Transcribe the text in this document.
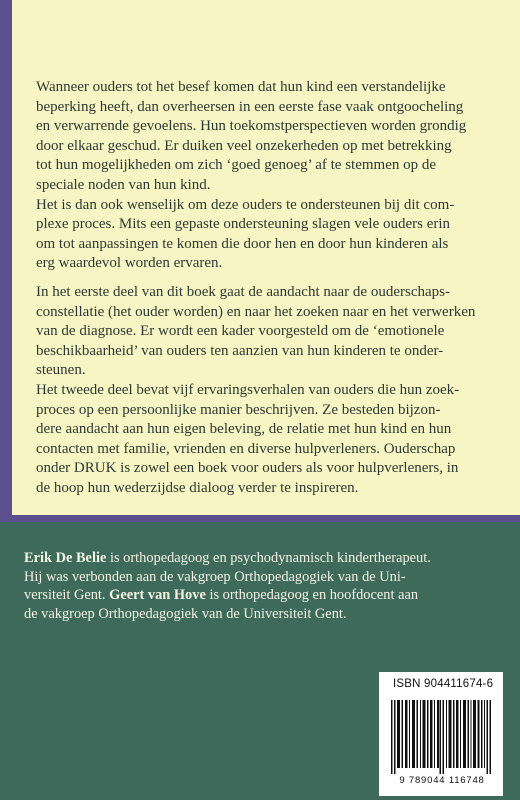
Wanneer ouders tot het besef komen dat hun kind een verstandelijke
beperking heeft, dan overheersen in een eerste fase vaak ontgoocheling
en verwarrende gevoelens. Hun toekomstperspectieven worden grondig
door elkaar geschud. Er duiken veel onzekerheden op met betrekking
tot hun mogelijkheden om zich ‘goed genoeg’ af te stemmen op de
speciale noden van hun kind.
Het is dan ook wenselijk om deze ouders te ondersteunen bij dit com-
plexe proces. Mits een gepaste ondersteuning slagen vele ouders erin
om tot aanpassingen te komen die door hen en door hun kinderen als
erg waardevol worden ervaren.

In het eerste deel van dit boek gaat de aandacht naar de ouderschaps-
constellatie (het ouder worden) en naar het zoeken naar en het verwerken
van de diagnose. Er wordt een kader voorgesteld om de ‘emotionele
beschikbaarheid’ van ouders ten aanzien van hun kinderen te onder-
steunen.
Het tweede deel bevat vijf ervaringsverhalen van ouders die hun zoek-
proces op een persoonlijke manier beschrijven. Ze besteden bijzon-
dere aandacht aan hun eigen beleving, de relatie met hun kind en hun
contacten met familie, vrienden en diverse hulpverleners. Ouderschap
onder DRUK is zowel een boek voor ouders als voor hulpverleners, in
de hoop hun wederzijdse dialoog verder te inspireren.

Erik De Belie is orthopedagoog en psychodynamisch kindertherapeut.
Hij was verbonden aan de vakgroep Orthopedagogiek van de Uni-
versiteit Gent. Geert van Hove is orthopedagoog en hoofdocent aan
de vakgroep Orthopedagogiek van de Universiteit Gent.

ISBN 904411674-6
9 789044 116748
